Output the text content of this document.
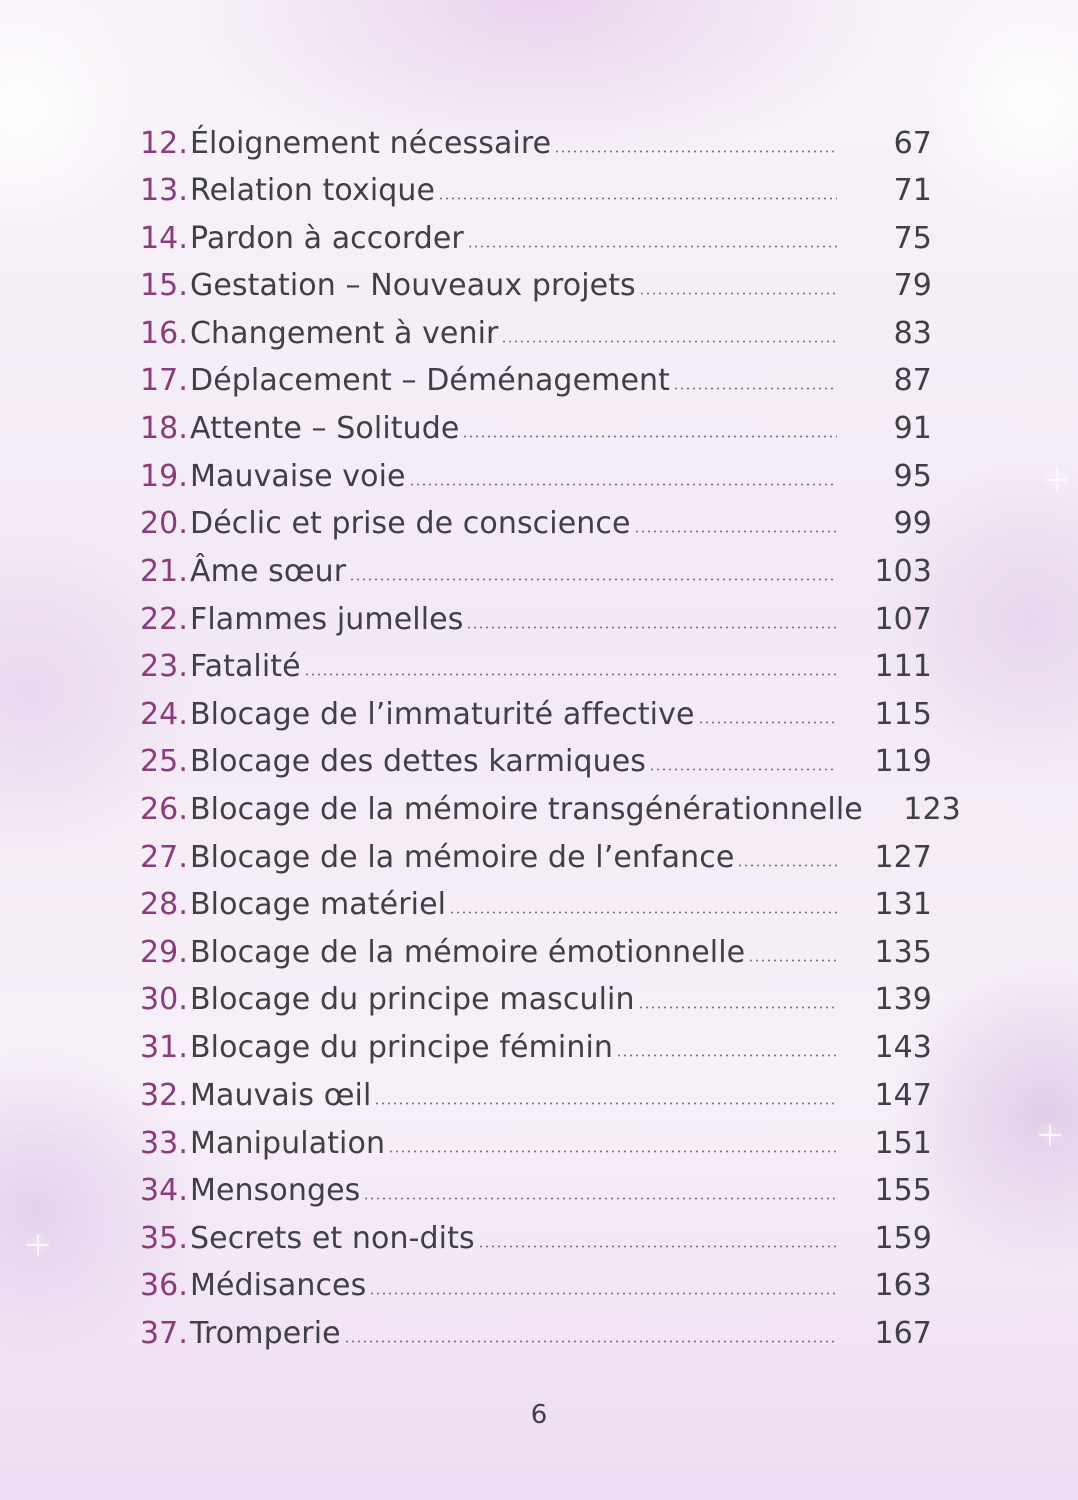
12. Éloignement nécessaire	67
13. Relation toxique	71
14. Pardon à accorder	75
15. Gestation – Nouveaux projets	79
16. Changement à venir	83
17. Déplacement – Déménagement	87
18. Attente – Solitude	91
19. Mauvaise voie	95
20. Déclic et prise de conscience	99
21. Âme sœur	103
22. Flammes jumelles	107
23. Fatalité	111
24. Blocage de l’immaturité affective	115
25. Blocage des dettes karmiques	119
26. Blocage de la mémoire transgénérationnelle	123
27. Blocage de la mémoire de l’enfance	127
28. Blocage matériel	131
29. Blocage de la mémoire émotionnelle	135
30. Blocage du principe masculin	139
31. Blocage du principe féminin	143
32. Mauvais œil	147
33. Manipulation	151
34. Mensonges	155
35. Secrets et non-dits	159
36. Médisances	163
37. Tromperie	167
6
